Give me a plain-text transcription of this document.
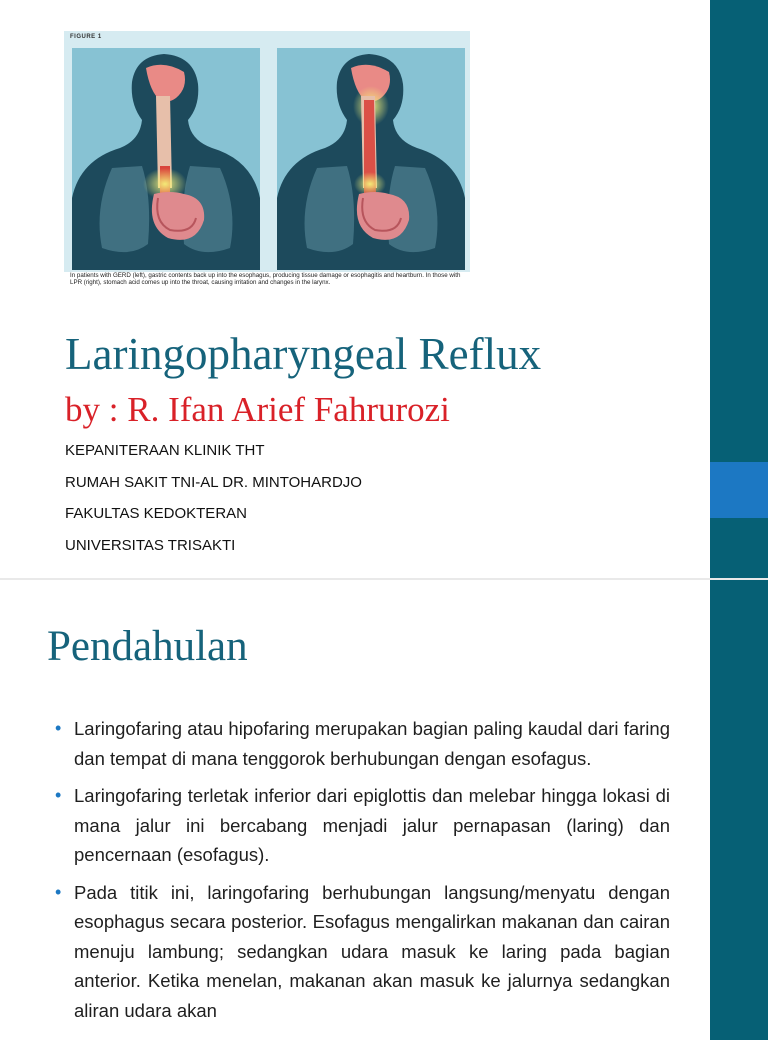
FIGURE 1
In patients with GERD (left), gastric contents back up into the esophagus, producing tissue damage or esophagitis and heartburn. In those with LPR (right), stomach acid comes up into the throat, causing irritation and changes in the larynx.
Laringopharyngeal Reflux
by : R. Ifan Arief Fahrurozi
KEPANITERAAN KLINIK THT
RUMAH SAKIT TNI-AL DR. MINTOHARDJO
FAKULTAS KEDOKTERAN
UNIVERSITAS TRISAKTI
Pendahulan
• Laringofaring atau hipofaring merupakan bagian paling kaudal dari faring dan tempat di mana tenggorok berhubungan dengan esofagus.
• Laringofaring terletak inferior dari epiglottis dan melebar hingga lokasi di mana jalur ini bercabang menjadi jalur pernapasan (laring) dan pencernaan (esofagus).
• Pada titik ini, laringofaring berhubungan langsung/menyatu dengan esophagus secara posterior. Esofagus mengalirkan makanan dan cairan menuju lambung; sedangkan udara masuk ke laring pada bagian anterior. Ketika menelan, makanan akan masuk ke jalurnya sedangkan aliran udara akan
